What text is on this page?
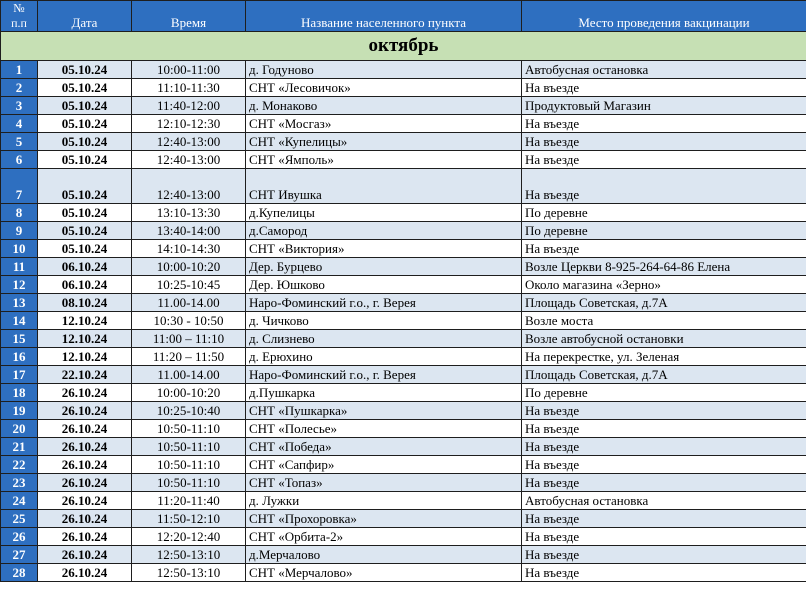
№
п.п	Дата	Время	Название населенного пункта	Место проведения вакцинации
октябрь				
1	05.10.24	10:00-11:00	д. Годуново	Автобусная остановка
2	05.10.24	11:10-11:30	СНТ «Лесовичок»	На въезде
3	05.10.24	11:40-12:00	д. Монаково	Продуктовый Магазин
4	05.10.24	12:10-12:30	СНТ «Мосгаз»	На въезде
5	05.10.24	12:40-13:00	СНТ «Купелицы»	На въезде
6	05.10.24	12:40-13:00	СНТ «Ямполь»	На въезде
7	05.10.24	12:40-13:00	СНТ Ивушка	На въезде
8	05.10.24	13:10-13:30	д.Купелицы	По деревне
9	05.10.24	13:40-14:00	д.Самород	По деревне
10	05.10.24	14:10-14:30	СНТ «Виктория»	На въезде
11	06.10.24	10:00-10:20	Дер. Бурцево	Возле Церкви 8-925-264-64-86 Елена
12	06.10.24	10:25-10:45	Дер. Юшково	Около магазина «Зерно»
13	08.10.24	11.00-14.00	Наро-Фоминский г.о., г. Верея	Площадь Советская, д.7А
14	12.10.24	10:30 - 10:50	д. Чичково	Возле моста
15	12.10.24	11:00 – 11:10	д. Слизнево	Возле автобусной остановки
16	12.10.24	11:20 – 11:50	д. Ерюхино	На перекрестке, ул. Зеленая
17	22.10.24	11.00-14.00	Наро-Фоминский г.о., г. Верея	Площадь Советская, д.7А
18	26.10.24	10:00-10:20	д.Пушкарка	По деревне
19	26.10.24	10:25-10:40	СНТ «Пушкарка»	На въезде
20	26.10.24	10:50-11:10	СНТ «Полесье»	На въезде
21	26.10.24	10:50-11:10	СНТ «Победа»	На въезде
22	26.10.24	10:50-11:10	СНТ «Сапфир»	На въезде
23	26.10.24	10:50-11:10	СНТ «Топаз»	На въезде
24	26.10.24	11:20-11:40	д. Лужки	Автобусная остановка
25	26.10.24	11:50-12:10	СНТ «Прохоровка»	На въезде
26	26.10.24	12:20-12:40	СНТ «Орбита-2»	На въезде
27	26.10.24	12:50-13:10	д.Мерчалово	На въезде
28	26.10.24	12:50-13:10	СНТ «Мерчалово»	На въезде
